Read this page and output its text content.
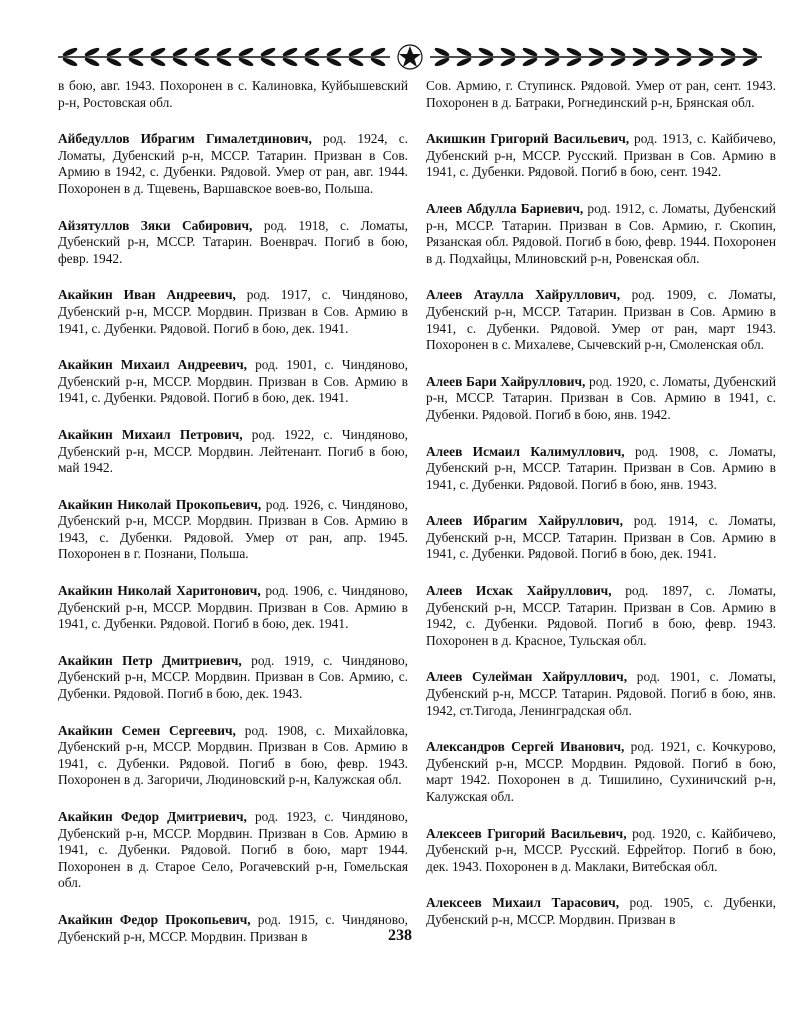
в бою, авг. 1943. Похоронен в с. Калиновка, Куйбышевский р-н, Ростовская обл.

Айбедуллов Ибрагим Гималетдинович, род. 1924, с. Ломаты, Дубенский р-н, МССР. Татарин. Призван в Сов. Армию в 1942, с. Дубенки. Рядовой. Умер от ран, авг. 1944. Похоронен в д. Тщевень, Варшавское воев-во, Польша.

Айзятуллов Зяки Сабирович, род. 1918, с. Ломаты, Дубенский р-н, МССР. Татарин. Военврач. Погиб в бою, февр. 1942.

Акайкин Иван Андреевич, род. 1917, с. Чиндяново, Дубенский р-н, МССР. Мордвин. Призван в Сов. Армию в 1941, с. Дубенки. Рядовой. Погиб в бою, дек. 1941.

Акайкин Михаил Андреевич, род. 1901, с. Чиндяново, Дубенский р-н, МССР. Мордвин. Призван в Сов. Армию в 1941, с. Дубенки. Рядовой. Погиб в бою, дек. 1941.

Акайкин Михаил Петрович, род. 1922, с. Чиндяново, Дубенский р-н, МССР. Мордвин. Лейтенант. Погиб в бою, май 1942.

Акайкин Николай Прокопьевич, род. 1926, с. Чиндяново, Дубенский р-н, МССР. Мордвин. Призван в Сов. Армию в 1943, с. Дубенки. Рядовой. Умер от ран, апр. 1945. Похоронен в г. Познани, Польша.

Акайкин Николай Харитонович, род. 1906, с. Чиндяново, Дубенский р-н, МССР. Мордвин. Призван в Сов. Армию в 1941, с. Дубенки. Рядовой. Погиб в бою, дек. 1941.

Акайкин Петр Дмитриевич, род. 1919, с. Чиндяново, Дубенский р-н, МССР. Мордвин. Призван в Сов. Армию, с. Дубенки. Рядовой. Погиб в бою, дек. 1943.

Акайкин Семен Сергеевич, род. 1908, с. Михайловка, Дубенский р-н, МССР. Мордвин. Призван в Сов. Армию в 1941, с. Дубенки. Рядовой. Погиб в бою, февр. 1943. Похоронен в д. Загоричи, Людиновский р-н, Калужская обл.

Акайкин Федор Дмитриевич, род. 1923, с. Чиндяново, Дубенский р-н, МССР. Мордвин. Призван в Сов. Армию в 1941, с. Дубенки. Рядовой. Погиб в бою, март 1944. Похоронен в д. Старое Село, Рогачевский р-н, Гомельская обл.

Акайкин Федор Прокопьевич, род. 1915, с. Чиндяново, Дубенский р-н, МССР. Мордвин. Призван в

Сов. Армию, г. Ступинск. Рядовой. Умер от ран, сент. 1943. Похоронен в д. Батраки, Рогнединский р-н, Брянская обл.

Акишкин Григорий Васильевич, род. 1913, с. Кайбичево, Дубенский р-н, МССР. Русский. Призван в Сов. Армию в 1941, с. Дубенки. Рядовой. Погиб в бою, сент. 1942.

Алеев Абдулла Бариевич, род. 1912, с. Ломаты, Дубенский р-н, МССР. Татарин. Призван в Сов. Армию, г. Скопин, Рязанская обл. Рядовой. Погиб в бою, февр. 1944. Похоронен в д. Подхайцы, Млиновский р-н, Ровенская обл.

Алеев Атаулла Хайруллович, род. 1909, с. Ломаты, Дубенский р-н, МССР. Татарин. Призван в Сов. Армию в 1941, с. Дубенки. Рядовой. Умер от ран, март 1943. Похоронен в с. Михалеве, Сычевский р-н, Смоленская обл.

Алеев Бари Хайруллович, род. 1920, с. Ломаты, Дубенский р-н, МССР. Татарин. Призван в Сов. Армию в 1941, с. Дубенки. Рядовой. Погиб в бою, янв. 1942.

Алеев Исмаил Калимуллович, род. 1908, с. Ломаты, Дубенский р-н, МССР. Татарин. Призван в Сов. Армию в 1941, с. Дубенки. Рядовой. Погиб в бою, янв. 1943.

Алеев Ибрагим Хайруллович, род. 1914, с. Ломаты, Дубенский р-н, МССР. Татарин. Призван в Сов. Армию в 1941, с. Дубенки. Рядовой. Погиб в бою, дек. 1941.

Алеев Исхак Хайруллович, род. 1897, с. Ломаты, Дубенский р-н, МССР. Татарин. Призван в Сов. Армию в 1942, с. Дубенки. Рядовой. Погиб в бою, февр. 1943. Похоронен в д. Красное, Тульская обл.

Алеев Сулейман Хайруллович, род. 1901, с. Ломаты, Дубенский р-н, МССР. Татарин. Рядовой. Погиб в бою, янв. 1942, ст.Тигода, Ленинградская обл.

Александров Сергей Иванович, род. 1921, с. Кочкурово, Дубенский р-н, МССР. Мордвин. Рядовой. Погиб в бою, март 1942. Похоронен в д. Тишилино, Сухиничский р-н, Калужская обл.

Алексеев Григорий Васильевич, род. 1920, с. Кайбичево, Дубенский р-н, МССР. Русский. Ефрейтор. Погиб в бою, дек. 1943. Похоронен в д. Маклаки, Витебская обл.

Алексеев Михаил Тарасович, род. 1905, с. Дубенки, Дубенский р-н, МССР. Мордвин. Призван в

238
